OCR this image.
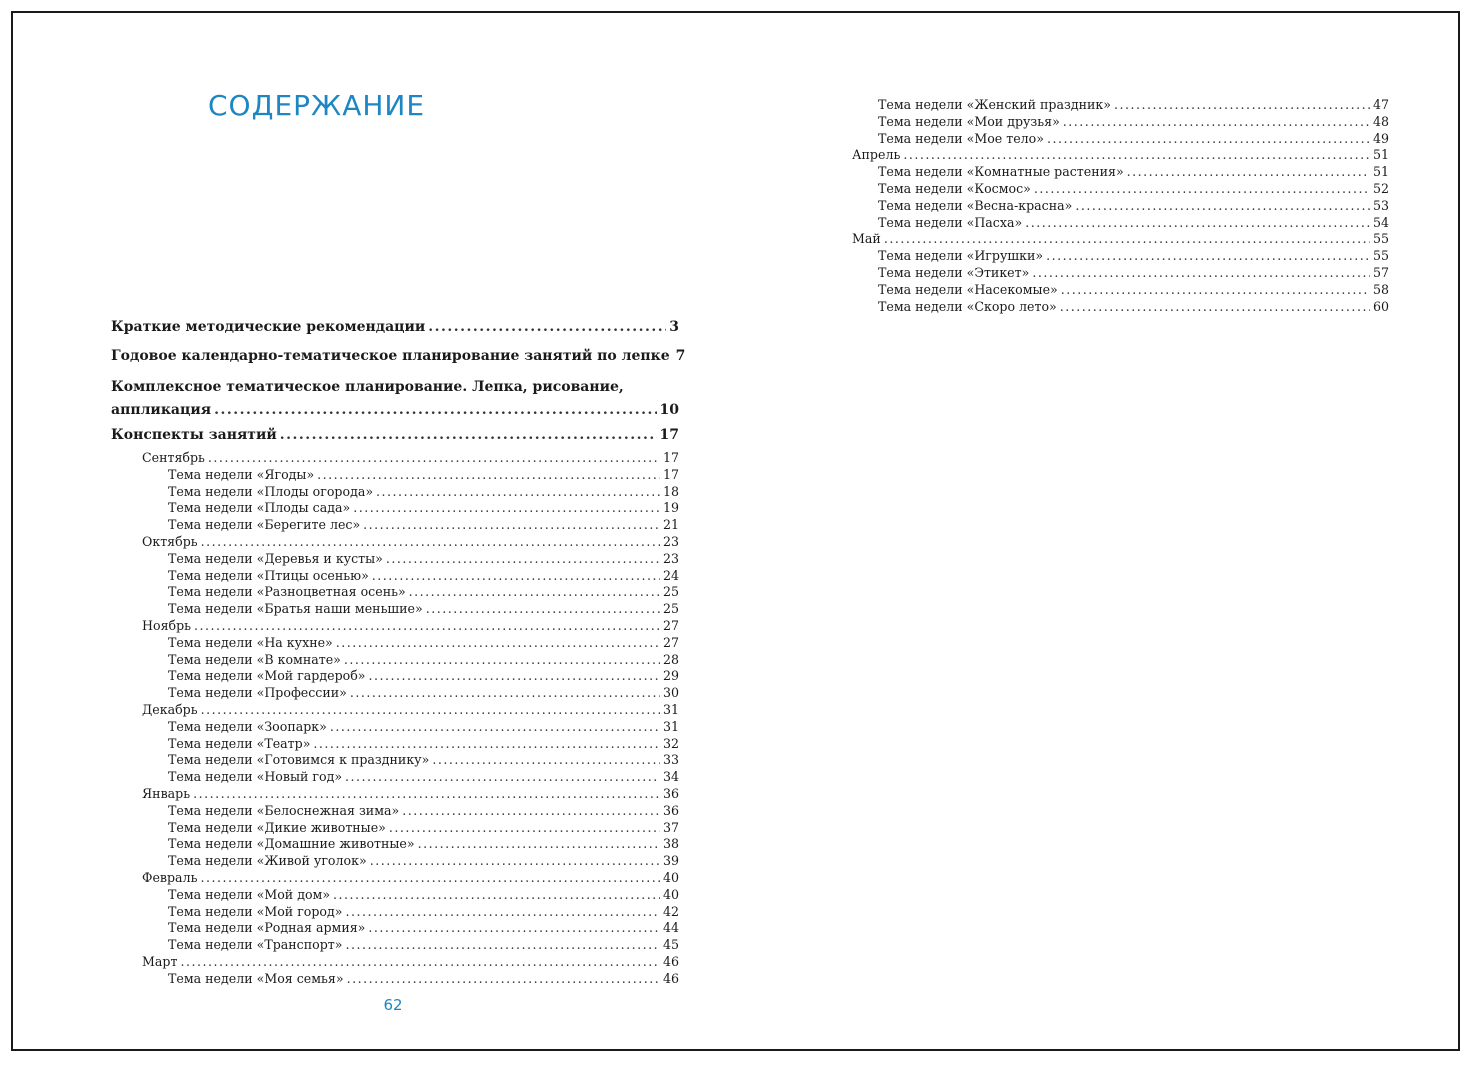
СОДЕРЖАНИЕ
Краткие методические рекомендации .....	3
Годовое календарно-тематическое планирование занятий по лепке 7
Комплексное тематическое планирование. Лепка, рисование,
аппликация .....	10
Конспекты занятий .....	17
Сентябрь .....	17
Тема недели «Ягоды» .....	17
Тема недели «Плоды огорода» .....	18
Тема недели «Плоды сада» .....	19
Тема недели «Берегите лес» .....	21
Октябрь .....	23
Тема недели «Деревья и кусты» .....	23
Тема недели «Птицы осенью» .....	24
Тема недели «Разноцветная осень» .....	25
Тема недели «Братья наши меньшие» .....	25
Ноябрь .....	27
Тема недели «На кухне» .....	27
Тема недели «В комнате» .....	28
Тема недели «Мой гардероб» .....	29
Тема недели «Профессии» .....	30
Декабрь .....	31
Тема недели «Зоопарк» .....	31
Тема недели «Театр» .....	32
Тема недели «Готовимся к празднику» .....	33
Тема недели «Новый год» .....	34
Январь .....	36
Тема недели «Белоснежная зима» .....	36
Тема недели «Дикие животные» .....	37
Тема недели «Домашние животные» .....	38
Тема недели «Живой уголок» .....	39
Февраль .....	40
Тема недели «Мой дом» .....	40
Тема недели «Мой город» .....	42
Тема недели «Родная армия» .....	44
Тема недели «Транспорт» .....	45
Март .....	46
Тема недели «Моя семья» .....	46
Тема недели «Женский праздник» .....	47
Тема недели «Мои друзья» .....	48
Тема недели «Мое тело» .....	49
Апрель .....	51
Тема недели «Комнатные растения» .....	51
Тема недели «Космос» .....	52
Тема недели «Весна-красна» .....	53
Тема недели «Пасха» .....	54
Май .....	55
Тема недели «Игрушки» .....	55
Тема недели «Этикет» .....	57
Тема недели «Насекомые» .....	58
Тема недели «Скоро лето» .....	60
62
